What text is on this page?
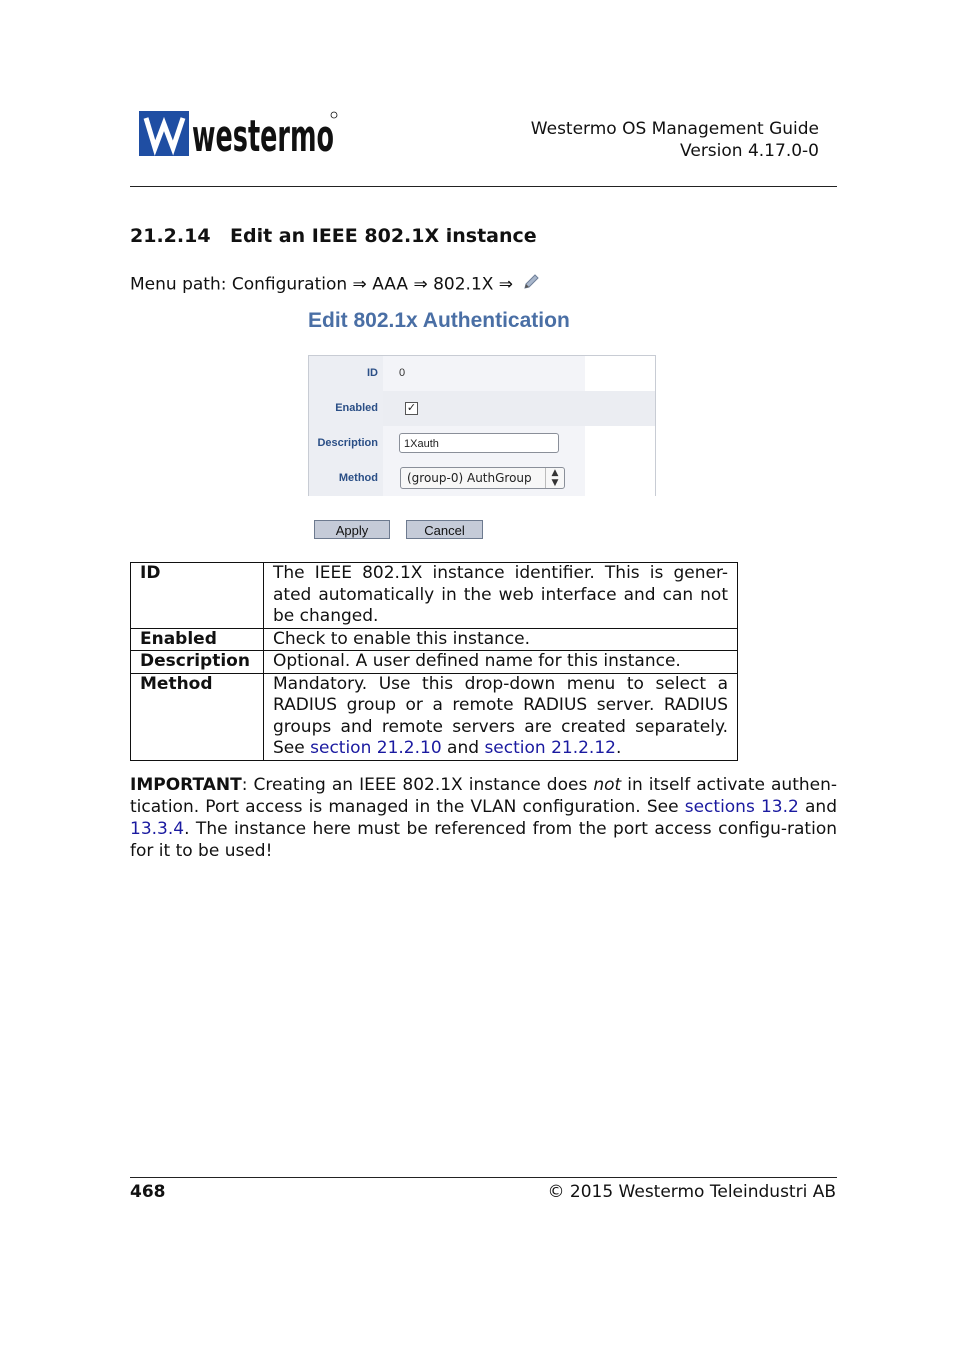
westermo	Westermo OS Management Guide
Version 4.17.0-0
21.2.14 Edit an IEEE 802.1X instance
Menu path: Configuration ⇒ AAA ⇒ 802.1X ⇒
Edit 802.1x Authentication
ID	0
Enabled	✓
Description	1Xauth
Method	(group-0) AuthGroup	▲
▼
Apply	Cancel
ID	The IEEE 802.1X instance identifier. This is gener-ated automatically in the web interface and can not be changed.
Enabled	Check to enable this instance.
Description	Optional. A user defined name for this instance.
Method	Mandatory. Use this drop-down menu to select a RADIUS group or a remote RADIUS server. RADIUS groups and remote servers are created separately. See section 21.2.10 and section 21.2.12.
IMPORTANT: Creating an IEEE 802.1X instance does not in itself activate authen-tication. Port access is managed in the VLAN configuration. See sections 13.2 and 13.3.4. The instance here must be referenced from the port access configu-ration for it to be used!
468	© 2015 Westermo Teleindustri AB
